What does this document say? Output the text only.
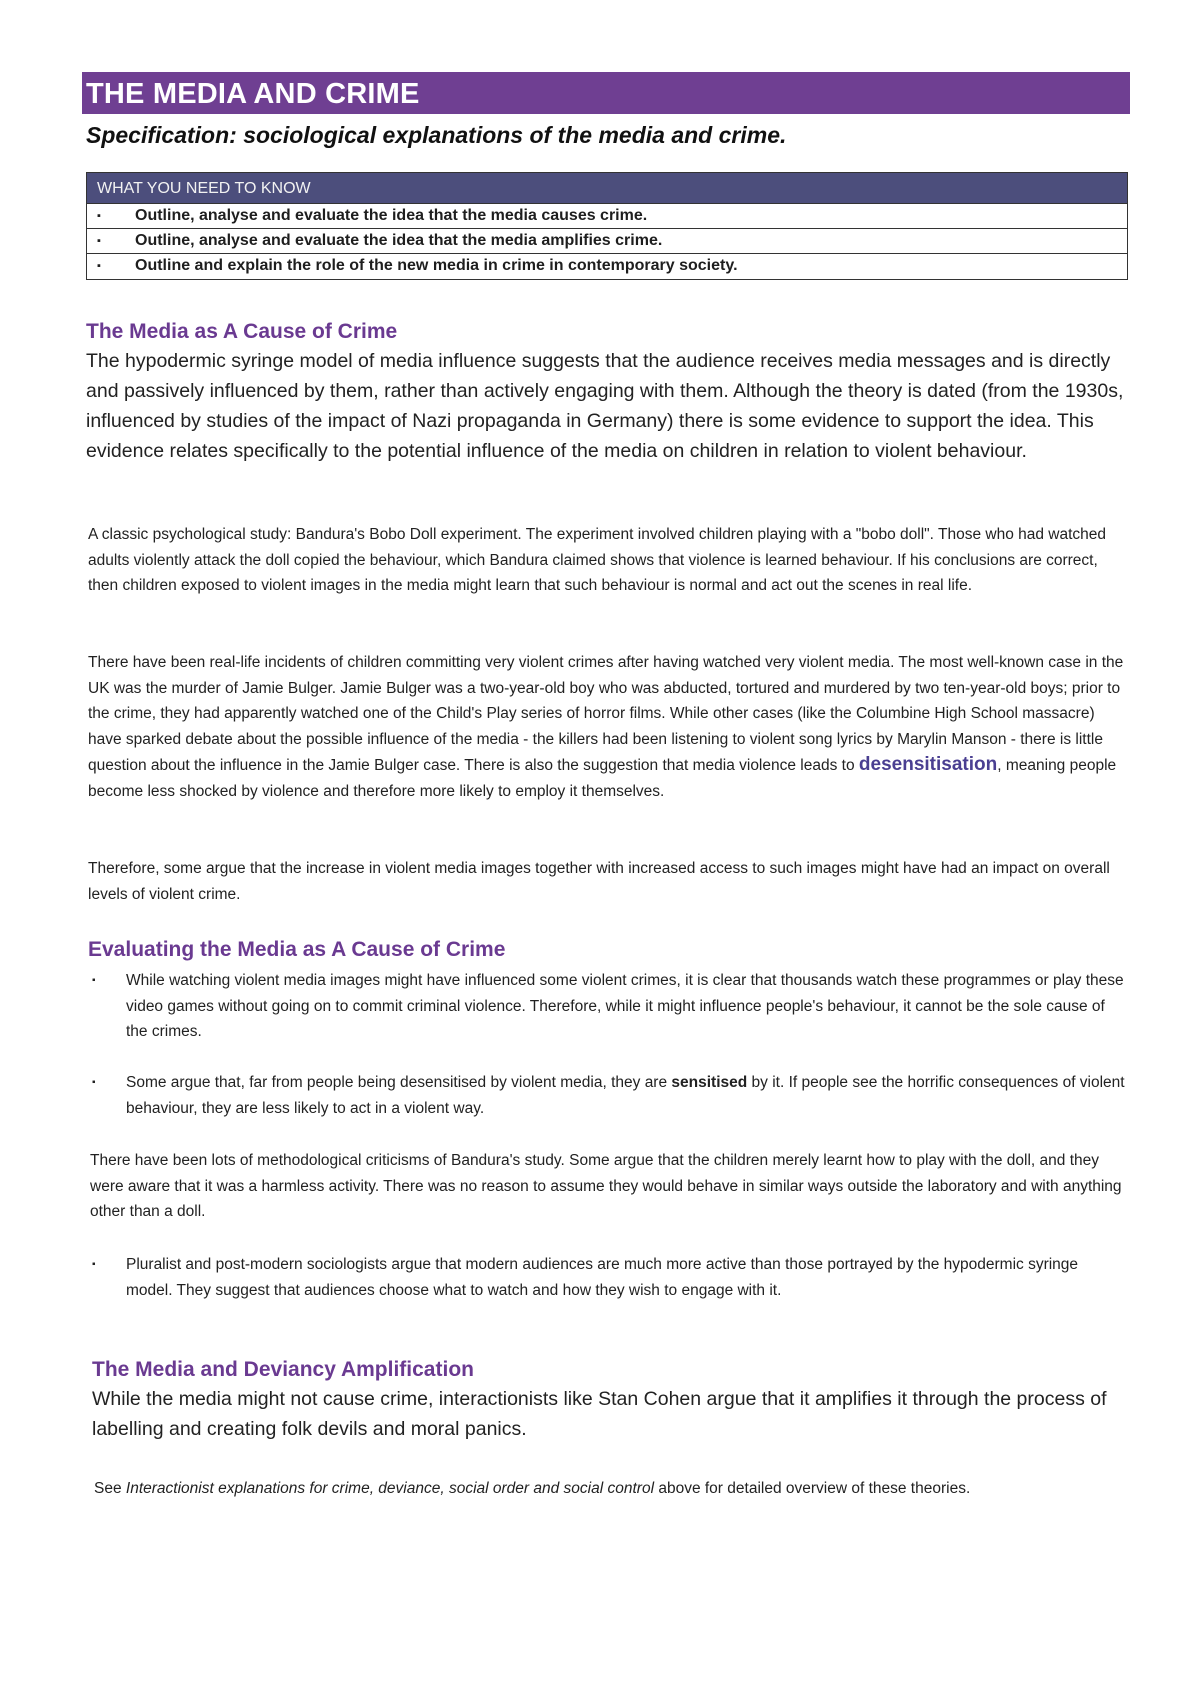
THE MEDIA AND CRIME
Specification: sociological explanations of the media and crime.
WHAT YOU NEED TO KNOW
▪ Outline, analyse and evaluate the idea that the media causes crime.
▪ Outline, analyse and evaluate the idea that the media amplifies crime.
▪ Outline and explain the role of the new media in crime in contemporary society.
The Media as A Cause of Crime
The hypodermic syringe model of media influence suggests that the audience receives media messages and is directly and passively influenced by them, rather than actively engaging with them. Although the theory is dated (from the 1930s, influenced by studies of the impact of Nazi propaganda in Germany) there is some evidence to support the idea. This evidence relates specifically to the potential influence of the media on children in relation to violent behaviour.
A classic psychological study: Bandura's Bobo Doll experiment. The experiment involved children playing with a "bobo doll". Those who had watched adults violently attack the doll copied the behaviour, which Bandura claimed shows that violence is learned behaviour. If his conclusions are correct, then children exposed to violent images in the media might learn that such behaviour is normal and act out the scenes in real life.
There have been real-life incidents of children committing very violent crimes after having watched very violent media. The most well-known case in the UK was the murder of Jamie Bulger. Jamie Bulger was a two-year-old boy who was abducted, tortured and murdered by two ten-year-old boys; prior to the crime, they had apparently watched one of the Child's Play series of horror films. While other cases (like the Columbine High School massacre) have sparked debate about the possible influence of the media - the killers had been listening to violent song lyrics by Marylin Manson - there is little question about the influence in the Jamie Bulger case. There is also the suggestion that media violence leads to desensitisation, meaning people become less shocked by violence and therefore more likely to employ it themselves.
Therefore, some argue that the increase in violent media images together with increased access to such images might have had an impact on overall levels of violent crime.
Evaluating the Media as A Cause of Crime
▪ While watching violent media images might have influenced some violent crimes, it is clear that thousands watch these programmes or play these video games without going on to commit criminal violence. Therefore, while it might influence people's behaviour, it cannot be the sole cause of the crimes.
▪ Some argue that, far from people being desensitised by violent media, they are sensitised by it. If people see the horrific consequences of violent behaviour, they are less likely to act in a violent way.
There have been lots of methodological criticisms of Bandura's study. Some argue that the children merely learnt how to play with the doll, and they were aware that it was a harmless activity. There was no reason to assume they would behave in similar ways outside the laboratory and with anything other than a doll.
▪ Pluralist and post-modern sociologists argue that modern audiences are much more active than those portrayed by the hypodermic syringe model. They suggest that audiences choose what to watch and how they wish to engage with it.
The Media and Deviancy Amplification
While the media might not cause crime, interactionists like Stan Cohen argue that it amplifies it through the process of labelling and creating folk devils and moral panics.
See Interactionist explanations for crime, deviance, social order and social control above for detailed overview of these theories.
